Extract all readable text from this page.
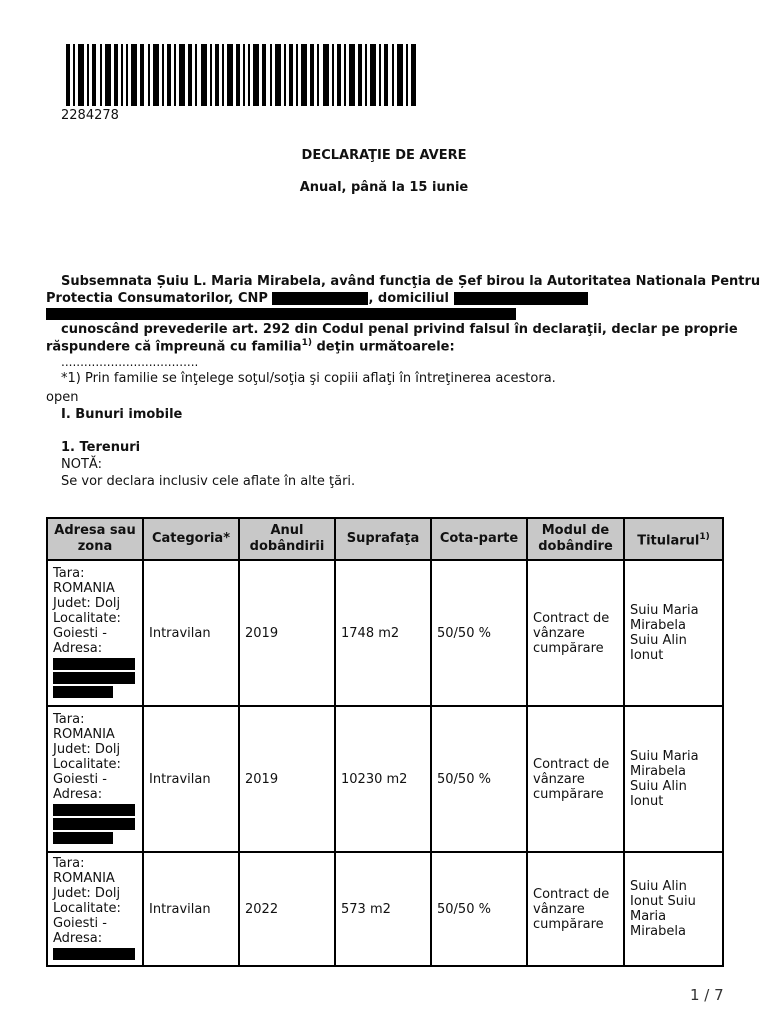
2284278
DECLARAŢIE DE AVERE
Anual, până la 15 iunie
Subsemnata Șuiu L. Maria Mirabela, având funcţia de Șef birou la Autoritatea Nationala Pentru
Protectia Consumatorilor, CNP	, domiciliul
cunoscând prevederile art. 292 din Codul penal privind falsul în declaraţii, declar pe proprie
răspundere că împreună cu familia$^{1)}$ deţin următoarele:
....................................
*1) Prin familie se înţelege soţul/soţia şi copiii aflaţi în întreţinerea acestora.
open
I. Bunuri imobile
1. Terenuri
NOTĂ:
Se vor declara inclusiv cele aflate în alte ţări.
Adresa sau zona	Categoria*	Anul dobândirii	Suprafaţa	Cota-parte	Modul de dobândire	Titularul$^{1)}$
Tara: ROMANIA Judet: Dolj Localitate: Goiesti - Adresa:	Intravilan	2019	1748 m2	50/50 %	Contract de vânzare cumpărare	Suiu Maria Mirabela Suiu Alin Ionut
Tara: ROMANIA Judet: Dolj Localitate: Goiesti - Adresa:	Intravilan	2019	10230 m2	50/50 %	Contract de vânzare cumpărare	Suiu Maria Mirabela Suiu Alin Ionut
Tara: ROMANIA Judet: Dolj Localitate: Goiesti - Adresa:	Intravilan	2022	573 m2	50/50 %	Contract de vânzare cumpărare	Suiu Alin Ionut Suiu Maria Mirabela
1 / 7
